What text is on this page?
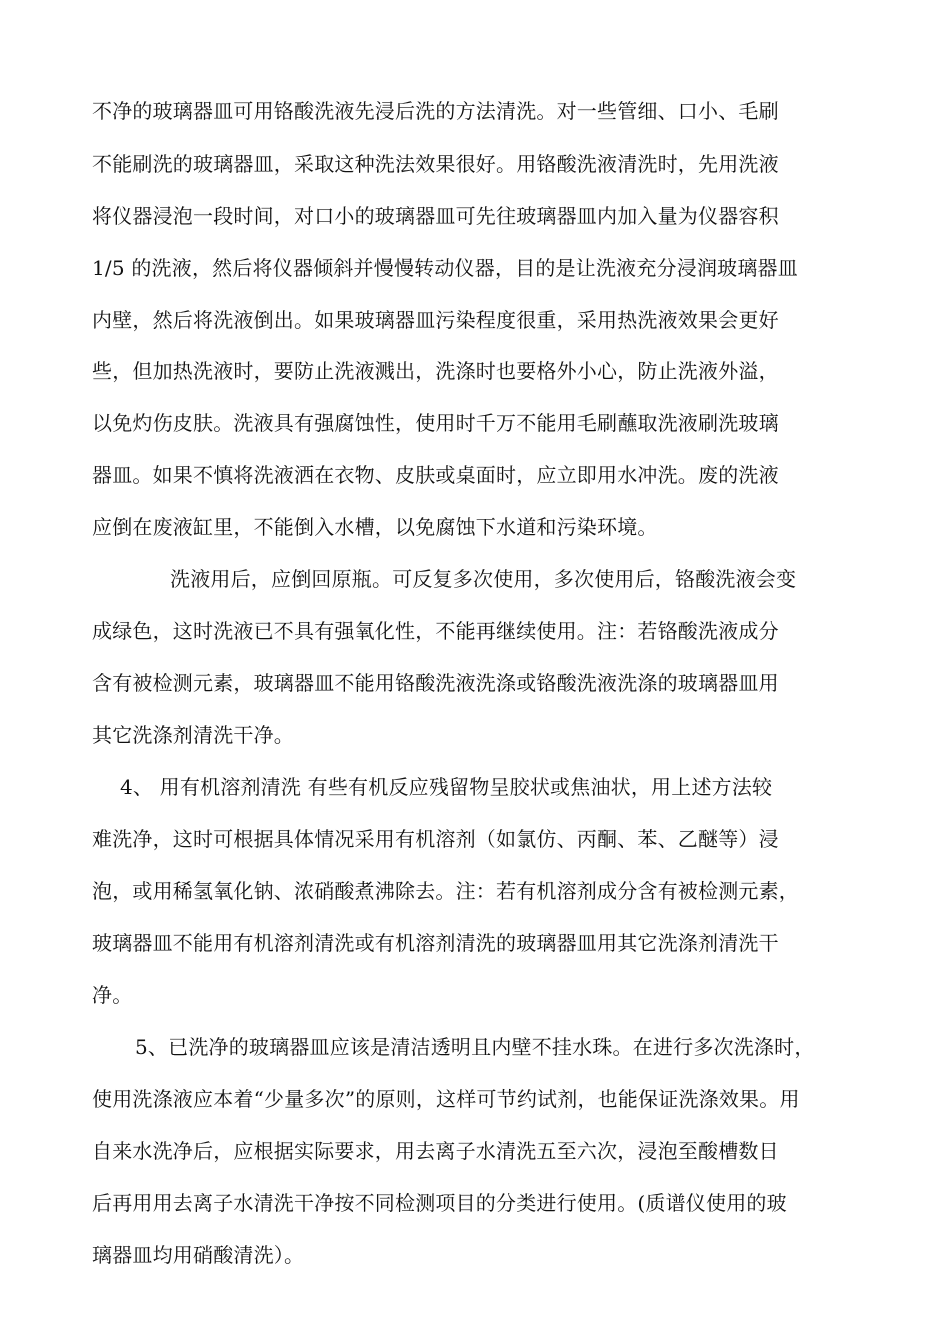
不净的玻璃器皿可用铬酸洗液先浸后洗的方法清洗。对一些管细、口小、毛刷
不能刷洗的玻璃器皿，采取这种洗法效果很好。用铬酸洗液清洗时，先用洗液
将仪器浸泡一段时间，对口小的玻璃器皿可先往玻璃器皿内加入量为仪器容积
1/5 的洗液，然后将仪器倾斜并慢慢转动仪器，目的是让洗液充分浸润玻璃器皿
内壁，然后将洗液倒出。如果玻璃器皿污染程度很重，采用热洗液效果会更好
些，但加热洗液时，要防止洗液溅出，洗涤时也要格外小心，防止洗液外溢，
以免灼伤皮肤。洗液具有强腐蚀性，使用时千万不能用毛刷蘸取洗液刷洗玻璃
器皿。如果不慎将洗液洒在衣物、皮肤或桌面时，应立即用水冲洗。废的洗液
应倒在废液缸里，不能倒入水槽，以免腐蚀下水道和污染环境。
洗液用后，应倒回原瓶。可反复多次使用，多次使用后，铬酸洗液会变
成绿色，这时洗液已不具有强氧化性，不能再继续使用。注：若铬酸洗液成分
含有被检测元素，玻璃器皿不能用铬酸洗液洗涤或铬酸洗液洗涤的玻璃器皿用
其它洗涤剂清洗干净。
4、 用有机溶剂清洗 有些有机反应残留物呈胶状或焦油状，用上述方法较
难洗净，这时可根据具体情况采用有机溶剂（如氯仿、丙酮、苯、乙醚等）浸
泡，或用稀氢氧化钠、浓硝酸煮沸除去。注：若有机溶剂成分含有被检测元素，
玻璃器皿不能用有机溶剂清洗或有机溶剂清洗的玻璃器皿用其它洗涤剂清洗干
净。
5、已洗净的玻璃器皿应该是清洁透明且内壁不挂水珠。在进行多次洗涤时，
使用洗涤液应本着“少量多次”的原则，这样可节约试剂，也能保证洗涤效果。用
自来水洗净后，应根据实际要求，用去离子水清洗五至六次，浸泡至酸槽数日
后再用用去离子水清洗干净按不同检测项目的分类进行使用。(质谱仪使用的玻
璃器皿均用硝酸清洗）。
